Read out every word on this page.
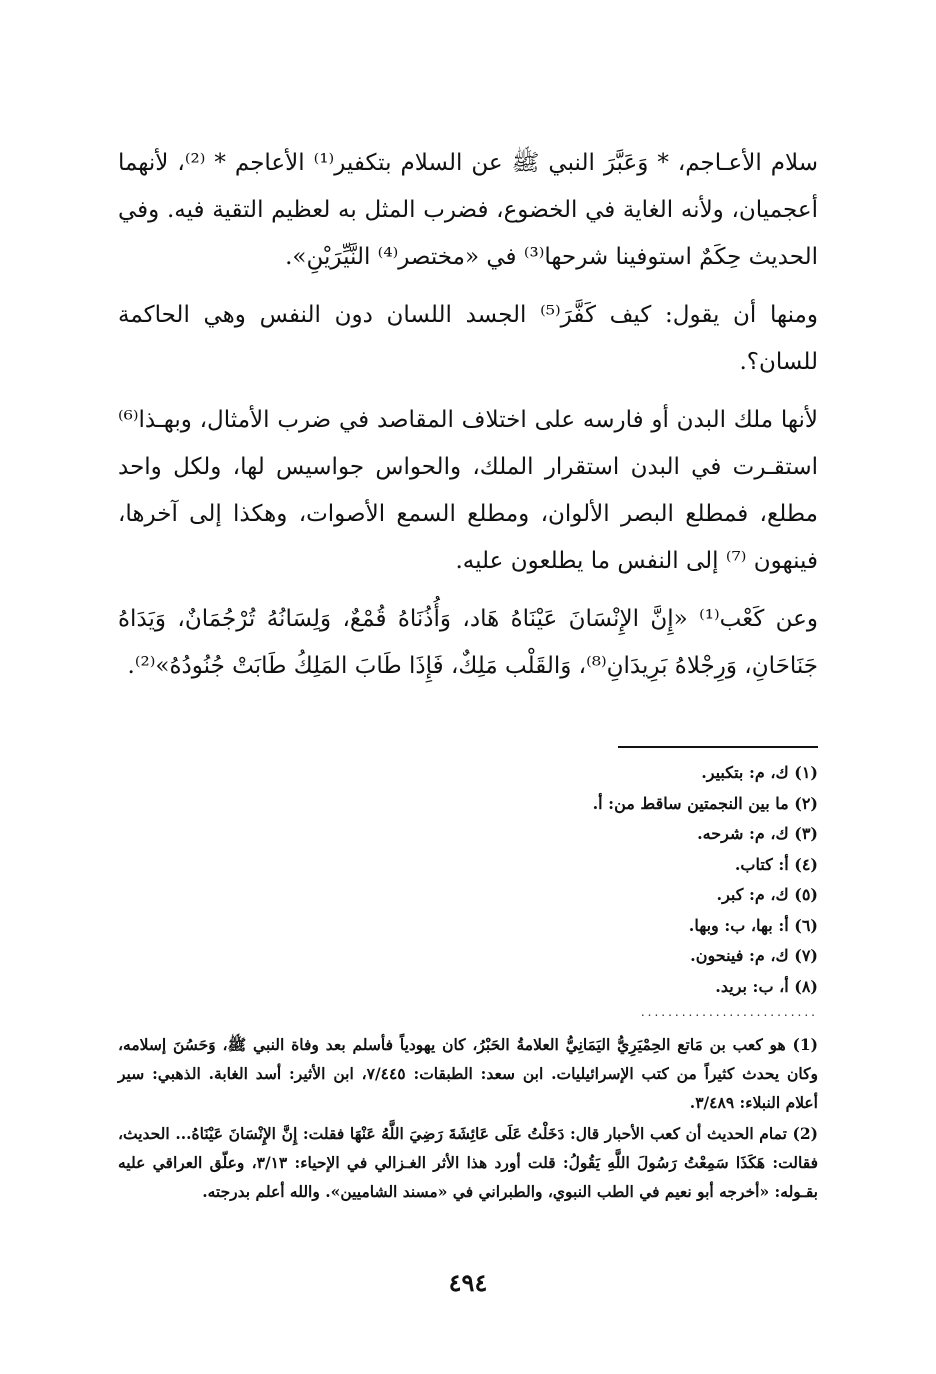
سلام الأعـاجم، * وَعَبَّرَ النبي ﷺ عن السلام بتكفير⁽¹⁾ الأعاجم * ⁽²⁾، لأنهما أعجميان، ولأنه الغاية في الخضوع، فضرب المثل به لعظيم التقية فيه. وفي الحديث حِكَمٌ استوفينا شرحها⁽³⁾ في «مختصر⁽⁴⁾ النَّيِّرَيْنِ».

ومنها أن يقول: كيف كَفَّرَ⁽⁵⁾ الجسد اللسان دون النفس وهي الحاكمة للسان؟.

لأنها ملك البدن أو فارسه على اختلاف المقاصد في ضرب الأمثال، وبهـذا⁽⁶⁾ استقـرت في البدن استقرار الملك، والحواس جواسيس لها، ولكل واحد مطلع، فمطلع البصر الألوان، ومطلع السمع الأصوات، وهكذا إلى آخرها، فينهون ⁽⁷⁾ إلى النفس ما يطلعون عليه.

وعن كَعْب⁽¹⁾ «إِنَّ الإِنْسَانَ عَيْنَاهُ هَاد، وَأُذُنَاهُ قُمْعٌ، وَلِسَانُهُ تُرْجُمَانٌ، وَيَدَاهُ جَنَاحَانِ، وَرِجْلاهُ بَرِيدَانِ⁽⁸⁾، وَالقَلْب مَلِكٌ، فَإِذَا طَابَ المَلِكُ طَابَتْ جُنُودُهُ»⁽²⁾.

(١) ك، م: بتكبير.
(٢) ما بين النجمتين ساقط من: أ.
(٣) ك، م: شرحه.
(٤) أ: كتاب.
(٥) ك، م: كبر.
(٦) أ: بها، ب: وبها.
(٧) ك، م: فينحون.
(٨) أ، ب: بريد.
..........................

(1) هو كعب بن مَاتع الحِمْيَرِيُّ اليَمَانِيُّ العلامةُ الحَبْرُ، كان يهودياً فأسلم بعد وفاة النبي ﷺ، وَحَسُنَ إسلامه، وكان يحدث كثيراً من كتب الإسرائيليات. ابن سعد: الطبقات: ٧/٤٤٥، ابن الأثير: أسد الغابة. الذهبي: سير أعلام النبلاء: ٣/٤٨٩.

(2) تمام الحديث أن كعب الأحبار قال: دَخَلْتُ عَلَى عَائِشَةَ رَضِيَ اللَّهُ عَنْهَا فقلت: إِنَّ الإِنْسَانَ عَيْنَاهُ... الحديث، فقالت: هَكَذَا سَمِعْتُ رَسُولَ اللَّهِ يَقُولُ: قلت أورد هذا الأثر الغـزالي في الإحياء: ٣/١٣، وعلّق العراقي عليه بقـوله: «أخرجه أبو نعيم في الطب النبوي، والطبراني في «مسند الشاميين». والله أعلم بدرجته.

٤٩٤
